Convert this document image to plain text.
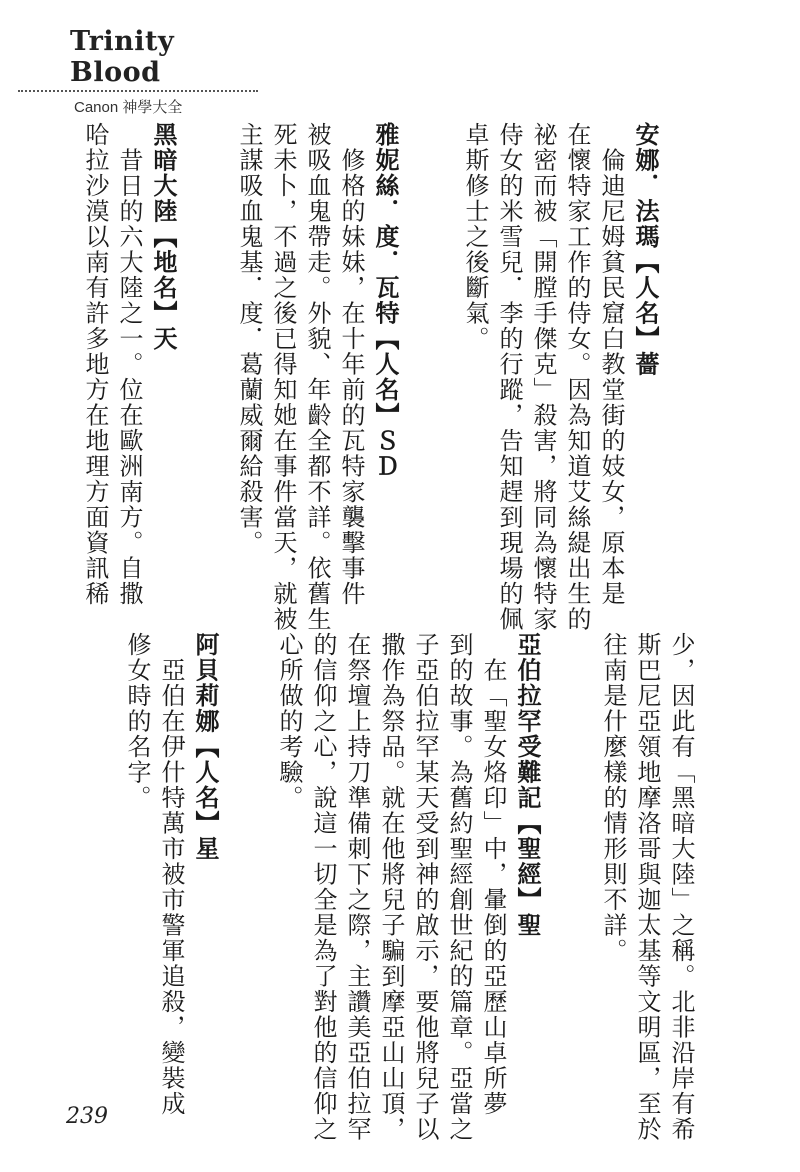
Trinity Blood
Canon 神學大全
安娜．法瑪【人名】薔
　倫迪尼姆貧民窟白教堂街的妓女，原本是
在懷特家工作的侍女。因為知道艾絲緹出生的
祕密而被「開膛手傑克」殺害，將同為懷特家
侍女的米雪兒．李的行蹤，告知趕到現場的佩
卓斯修士之後斷氣。
雅妮絲．度．瓦特【人名】ＳＤ
　修格的妹妹，在十年前的瓦特家襲擊事件
被吸血鬼帶走。外貌、年齡全都不詳。依舊生
死未卜，不過之後已得知她在事件當天，就被
主謀吸血鬼基．度．葛蘭威爾給殺害。
黑暗大陸【地名】天
　昔日的六大陸之一。位在歐洲南方。自撒
哈拉沙漠以南有許多地方在地理方面資訊稀
少，因此有「黑暗大陸」之稱。北非沿岸有希
斯巴尼亞領地摩洛哥與迦太基等文明區，至於
往南是什麼樣的情形則不詳。
亞伯拉罕受難記【聖經】聖
　在「聖女烙印」中，暈倒的亞歷山卓所夢
到的故事。為舊約聖經創世紀的篇章。亞當之
子亞伯拉罕某天受到神的啟示，要他將兒子以
撒作為祭品。就在他將兒子騙到摩亞山山頂，
在祭壇上持刀準備刺下之際，主讚美亞伯拉罕
的信仰之心，說這一切全是為了對他的信仰之
心所做的考驗。
阿貝莉娜【人名】星
　亞伯在伊什特萬市被市警軍追殺，變裝成
修女時的名字。
239
